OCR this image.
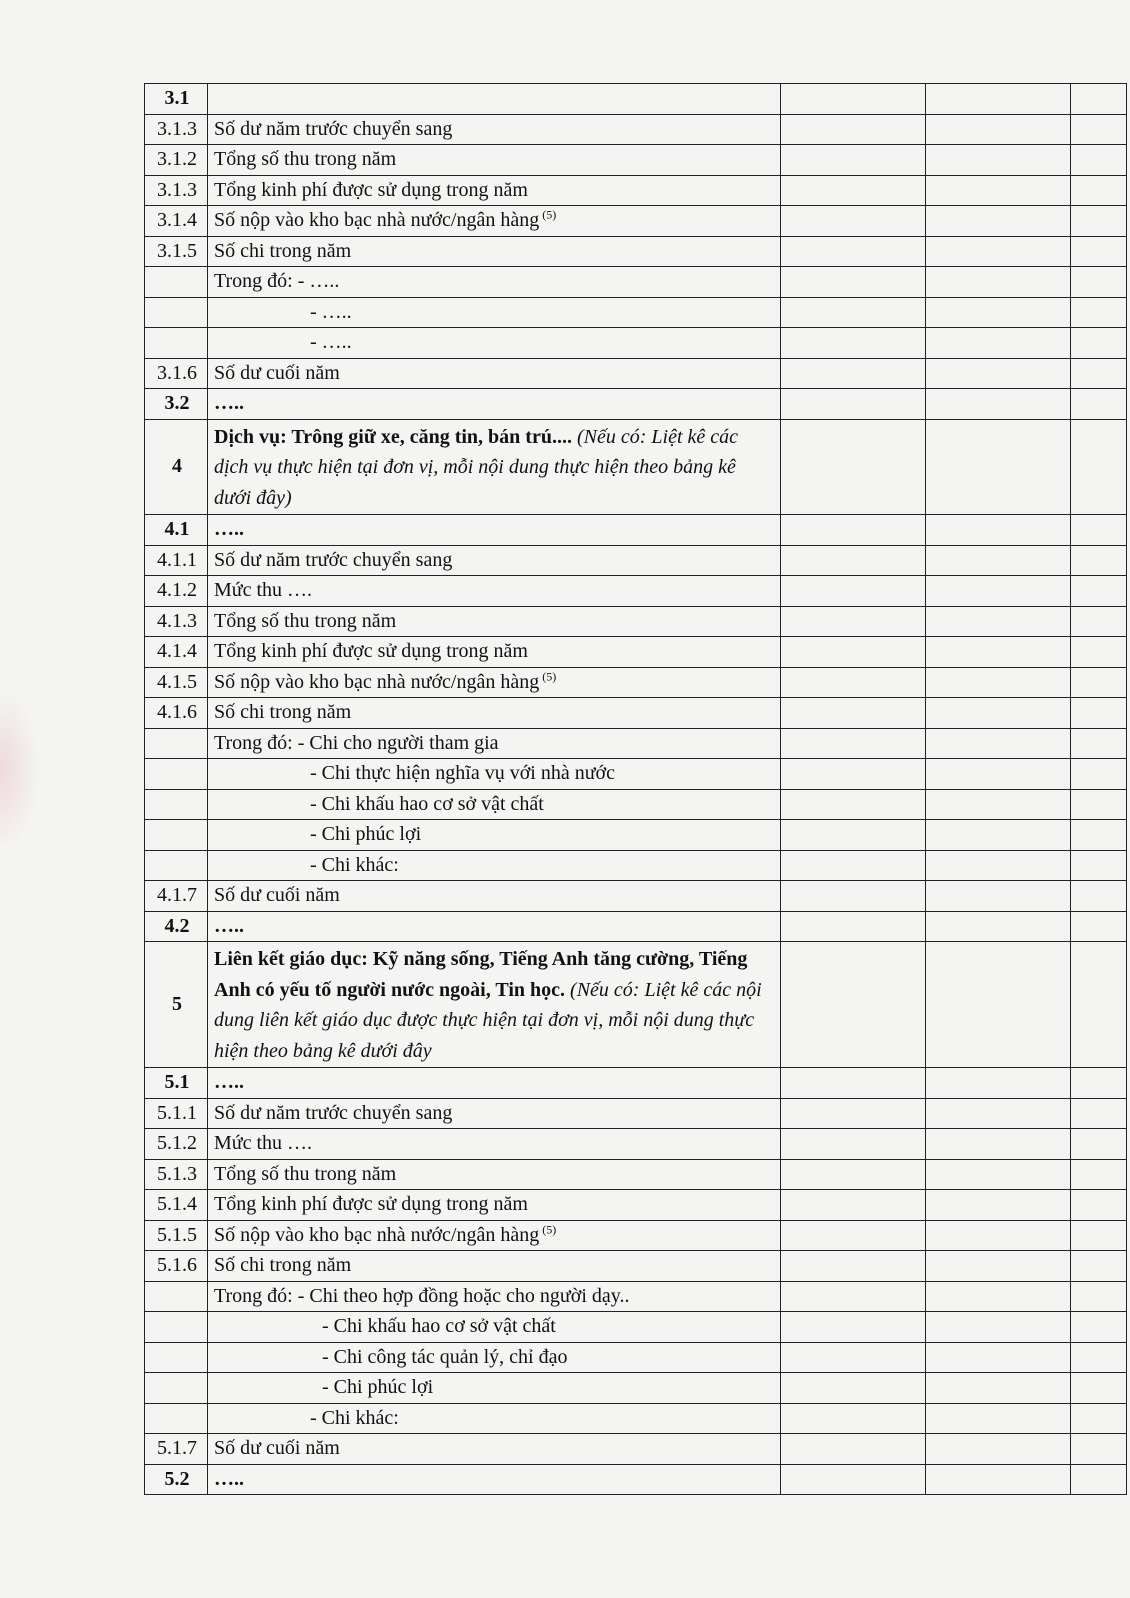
3.1				
3.1.3	Số dư năm trước chuyển sang			
3.1.2	Tổng số thu trong năm			
3.1.3	Tổng kinh phí được sử dụng trong năm			
3.1.4	Số nộp vào kho bạc nhà nước/ngân hàng $^{(5)}$			
3.1.5	Số chi trong năm			
	Trong đó: - …..			
	- …..			
	- …..			
3.1.6	Số dư cuối năm			
3.2	…..			
4	Dịch vụ: Trông giữ xe, căng tin, bán trú.... (Nếu có: Liệt kê các dịch vụ thực hiện tại đơn vị, mỗi nội dung thực hiện theo bảng kê dưới đây)			
4.1	…..			
4.1.1	Số dư năm trước chuyển sang			
4.1.2	Mức thu ….			
4.1.3	Tổng số thu trong năm			
4.1.4	Tổng kinh phí được sử dụng trong năm			
4.1.5	Số nộp vào kho bạc nhà nước/ngân hàng $^{(5)}$			
4.1.6	Số chi trong năm			
	Trong đó: - Chi cho người tham gia			
	- Chi thực hiện nghĩa vụ với nhà nước			
	- Chi khấu hao cơ sở vật chất			
	- Chi phúc lợi			
	- Chi khác:			
4.1.7	Số dư cuối năm			
4.2	…..			
5	Liên kết giáo dục: Kỹ năng sống, Tiếng Anh tăng cường, Tiếng Anh có yếu tố người nước ngoài, Tin học. (Nếu có: Liệt kê các nội dung liên kết giáo dục được thực hiện tại đơn vị, mỗi nội dung thực hiện theo bảng kê dưới đây			
5.1	…..			
5.1.1	Số dư năm trước chuyển sang			
5.1.2	Mức thu ….			
5.1.3	Tổng số thu trong năm			
5.1.4	Tổng kinh phí được sử dụng trong năm			
5.1.5	Số nộp vào kho bạc nhà nước/ngân hàng $^{(5)}$			
5.1.6	Số chi trong năm			
	Trong đó: - Chi theo hợp đồng hoặc cho người dạy..			
	- Chi khấu hao cơ sở vật chất			
	- Chi công tác quản lý, chỉ đạo			
	- Chi phúc lợi			
	- Chi khác:			
5.1.7	Số dư cuối năm			
5.2	…..			
